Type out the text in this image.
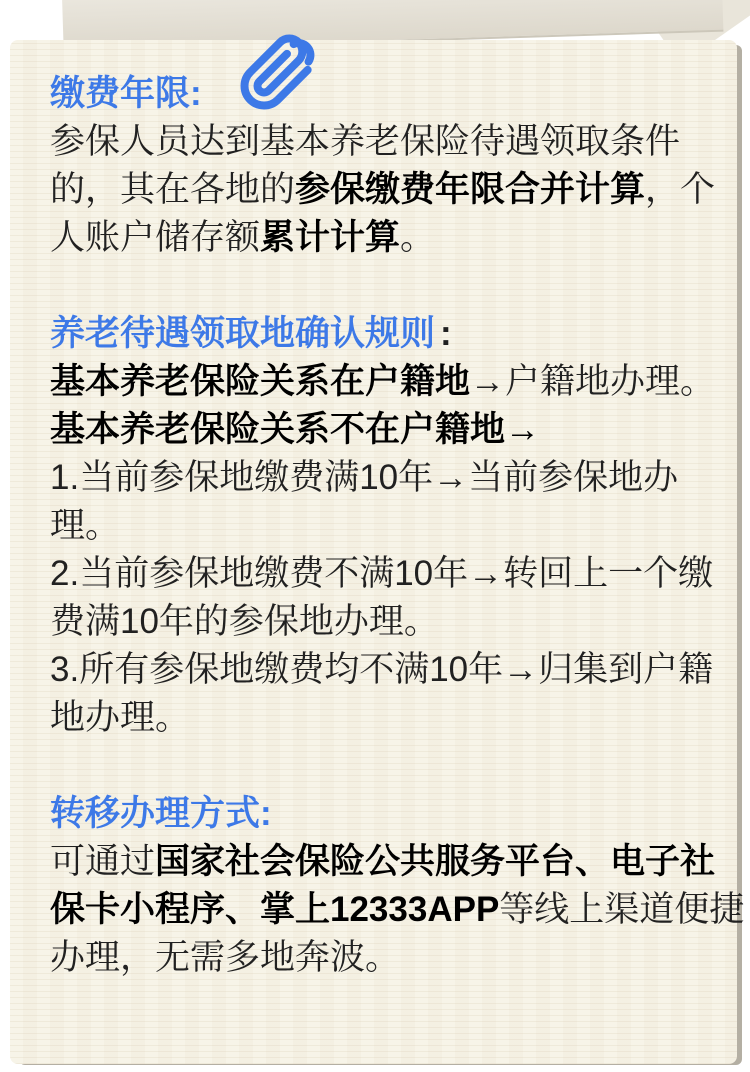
缴费年限:
参保人员达到基本养老保险待遇领取条件
的，其在各地的参保缴费年限合并计算，个
人账户储存额累计计算。
养老待遇领取地确认规则 :
基本养老保险关系在户籍地→户籍地办理。
基本养老保险关系不在户籍地→
1.当前参保地缴费满10年→当前参保地办
理。
2.当前参保地缴费不满10年→转回上一个缴
费满10年的参保地办理。
3.所有参保地缴费均不满10年→归集到户籍
地办理。
转移办理方式:
可通过国家社会保险公共服务平台、电子社
保卡小程序、掌上12333APP等线上渠道便捷
办理，无需多地奔波。
